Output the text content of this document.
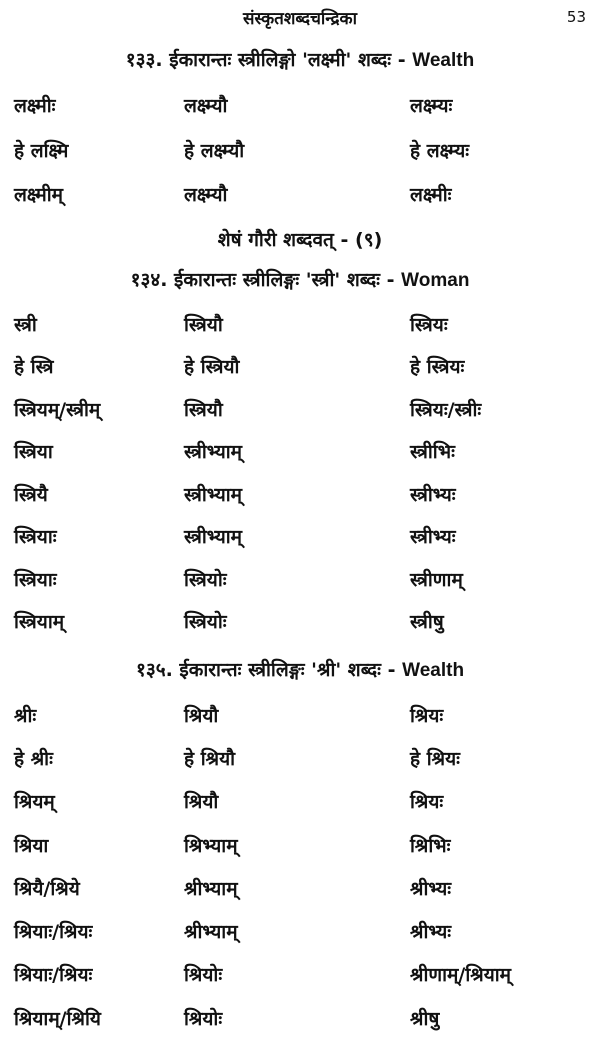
संस्कृतशब्दचन्द्रिका	53
१३३. ईकारान्तः स्त्रीलिङ्गो 'लक्ष्मी' शब्दः - Wealth
लक्ष्मीः	लक्ष्म्यौ	लक्ष्म्यः
हे लक्ष्मि	हे लक्ष्म्यौ	हे लक्ष्म्यः
लक्ष्मीम्	लक्ष्म्यौ	लक्ष्मीः
शेषं गौरी शब्दवत् - (९)
१३४. ईकारान्तः स्त्रीलिङ्गः 'स्त्री' शब्दः - Woman
स्त्री	स्त्रियौ	स्त्रियः
हे स्त्रि	हे स्त्रियौ	हे स्त्रियः
स्त्रियम्/स्त्रीम्	स्त्रियौ	स्त्रियः/स्त्रीः
स्त्रिया	स्त्रीभ्याम्	स्त्रीभिः
स्त्रियै	स्त्रीभ्याम्	स्त्रीभ्यः
स्त्रियाः	स्त्रीभ्याम्	स्त्रीभ्यः
स्त्रियाः	स्त्रियोः	स्त्रीणाम्
स्त्रियाम्	स्त्रियोः	स्त्रीषु
१३५. ईकारान्तः स्त्रीलिङ्गः 'श्री' शब्दः - Wealth
श्रीः	श्रियौ	श्रियः
हे श्रीः	हे श्रियौ	हे श्रियः
श्रियम्	श्रियौ	श्रियः
श्रिया	श्रिभ्याम्	श्रिभिः
श्रियै/श्रिये	श्रीभ्याम्	श्रीभ्यः
श्रियाः/श्रियः	श्रीभ्याम्	श्रीभ्यः
श्रियाः/श्रियः	श्रियोः	श्रीणाम्/श्रियाम्
श्रियाम्/श्रियि	श्रियोः	श्रीषु
